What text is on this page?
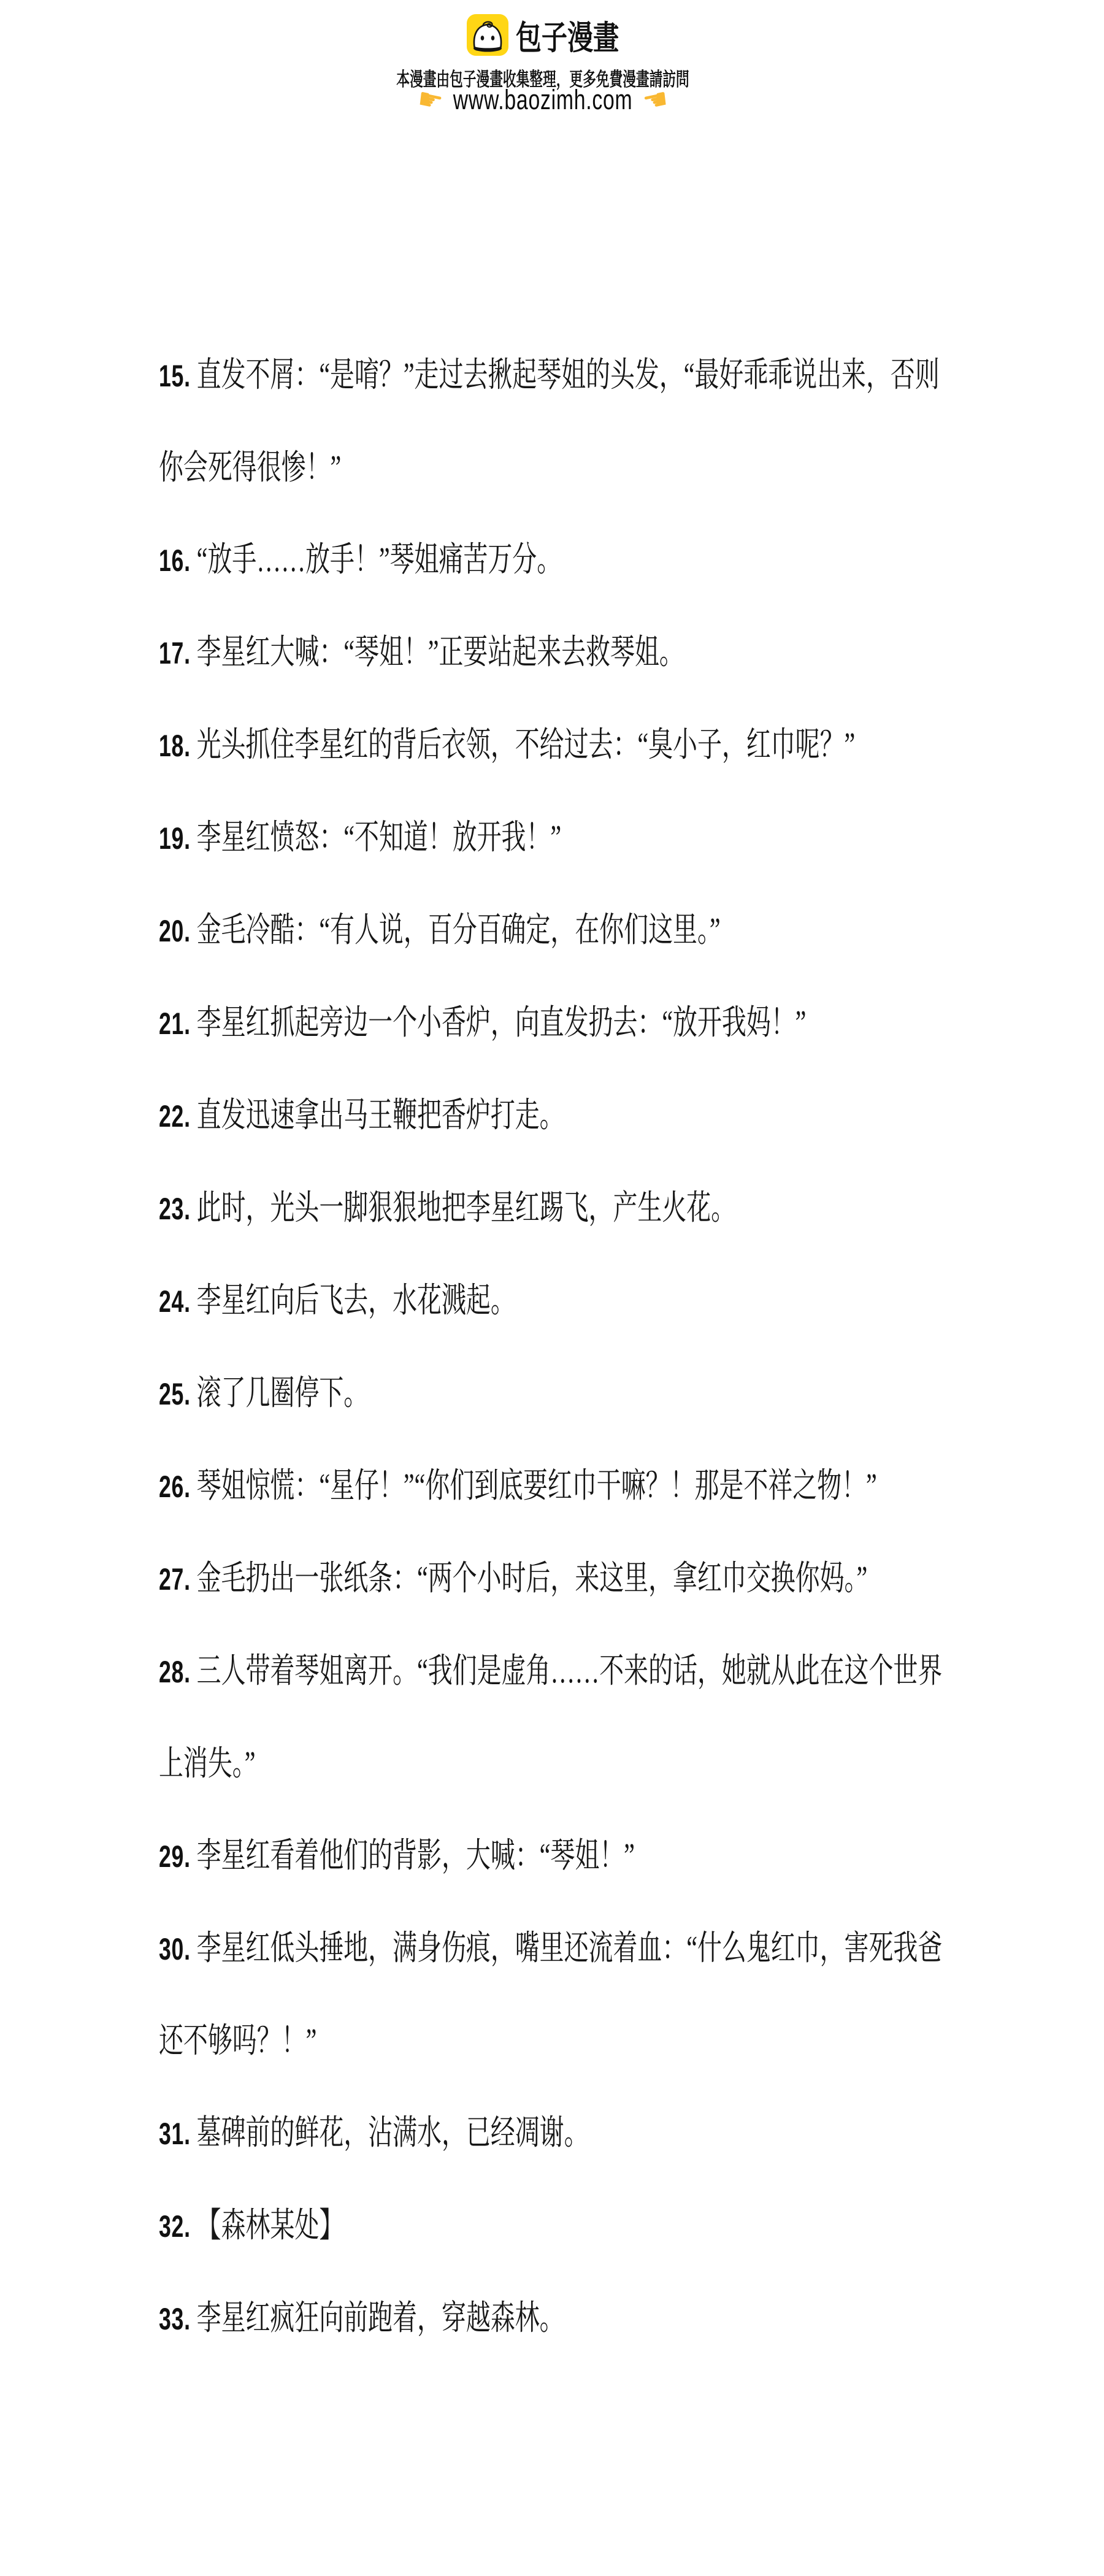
包子漫畫
本漫畫由包子漫畫收集整理，更多免費漫畫請訪問
☛ www.baozimh.com ☚

15. 直发不屑：“是唷？”走过去揪起琴姐的头发，“最好乖乖说出来，否则你会死得很惨！”

16. “放手……放手！”琴姐痛苦万分。

17. 李星红大喊：“琴姐！”正要站起来去救琴姐。

18. 光头抓住李星红的背后衣领，不给过去：“臭小子，红巾呢？”

19. 李星红愤怒：“不知道！放开我！”

20. 金毛冷酷：“有人说，百分百确定，在你们这里。”

21. 李星红抓起旁边一个小香炉，向直发扔去：“放开我妈！”

22. 直发迅速拿出马王鞭把香炉打走。

23. 此时，光头一脚狠狠地把李星红踢飞，产生火花。

24. 李星红向后飞去，水花溅起。

25. 滚了几圈停下。

26. 琴姐惊慌：“星仔！”“你们到底要红巾干嘛？！那是不祥之物！”

27. 金毛扔出一张纸条：“两个小时后，来这里，拿红巾交换你妈。”

28. 三人带着琴姐离开。“我们是虚角……不来的话，她就从此在这个世界上消失。”

29. 李星红看着他们的背影，大喊：“琴姐！”

30. 李星红低头捶地，满身伤痕，嘴里还流着血：“什么鬼红巾，害死我爸还不够吗？！”

31. 墓碑前的鲜花，沾满水，已经凋谢。

32. 【森林某处】

33. 李星红疯狂向前跑着，穿越森林。
